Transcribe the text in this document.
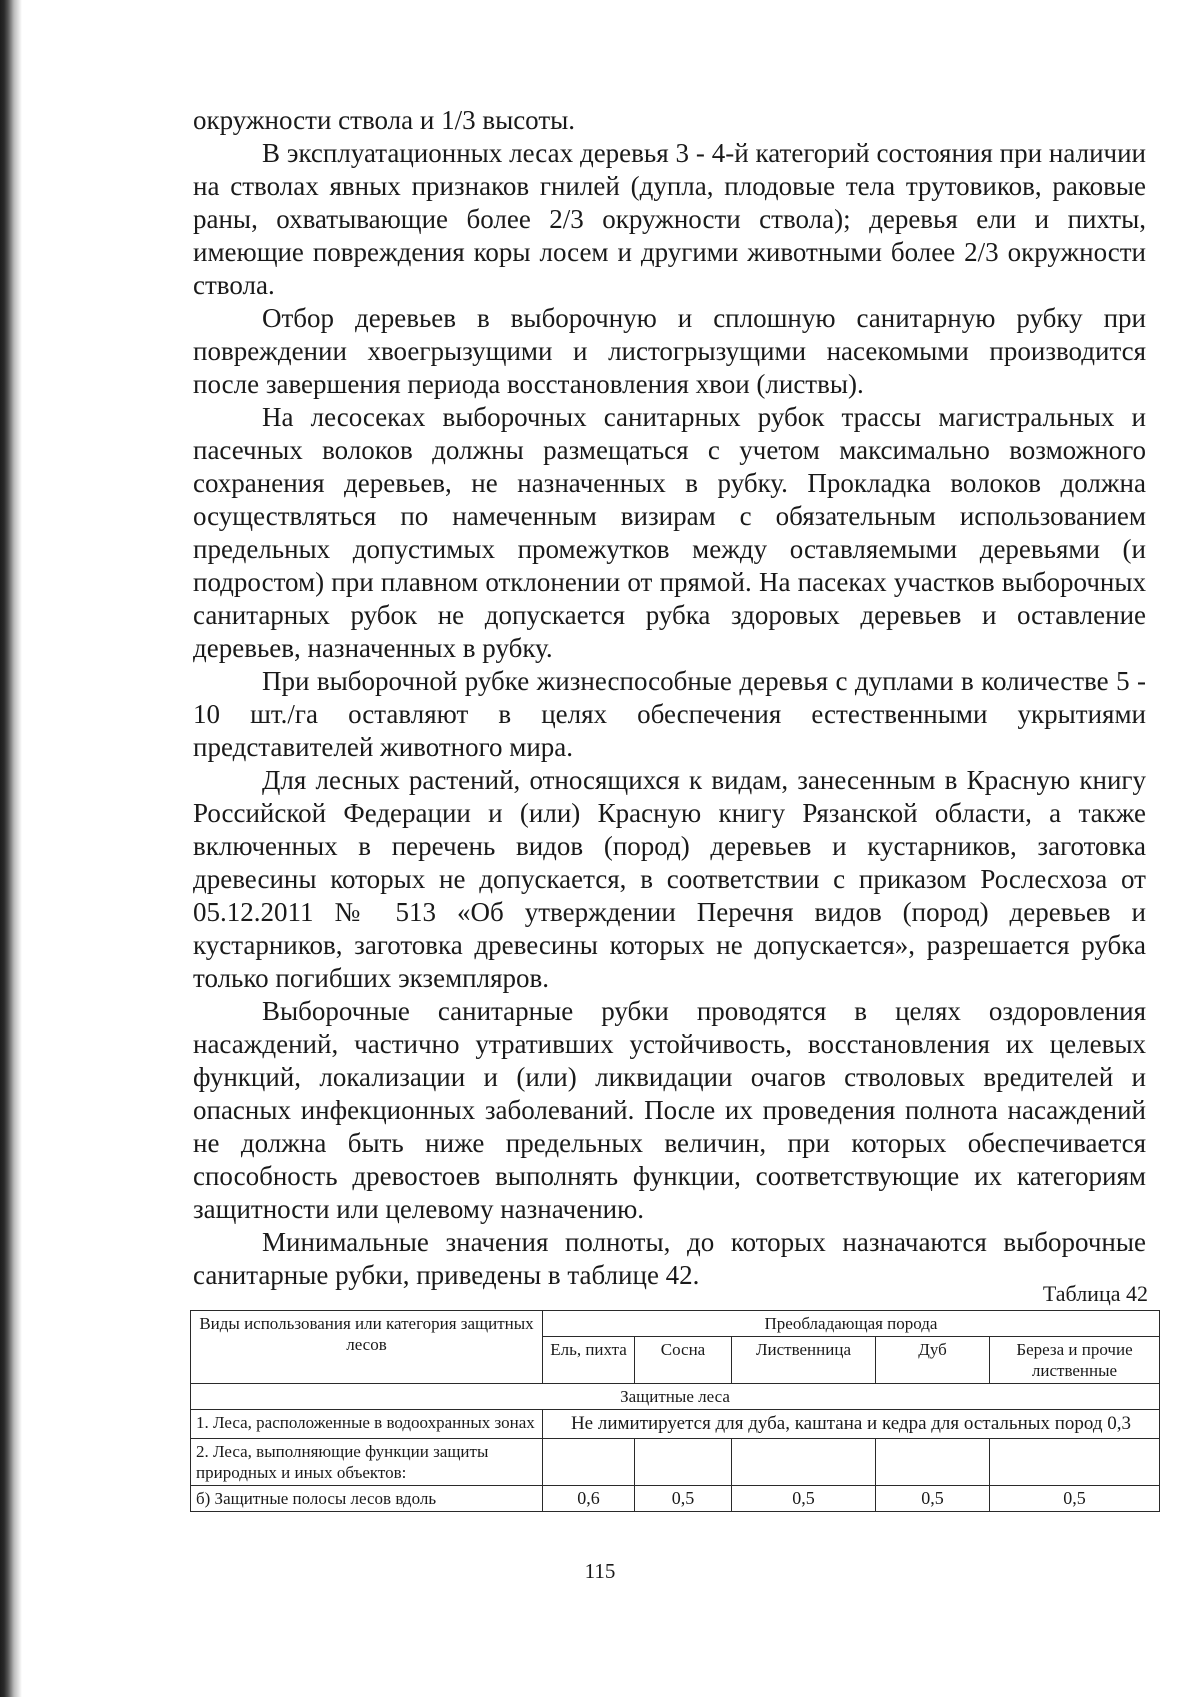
окружности ствола и 1/3 высоты.

В эксплуатационных лесах деревья 3 - 4-й категорий состояния при наличии на стволах явных признаков гнилей (дупла, плодовые тела трутовиков, раковые раны, охватывающие более 2/3 окружности ствола); деревья ели и пихты, имеющие повреждения коры лосем и другими животными более 2/3 окружности ствола.

Отбор деревьев в выборочную и сплошную санитарную рубку при повреждении хвоегрызущими и листогрызущими насекомыми производится после завершения периода восстановления хвои (листвы).

На лесосеках выборочных санитарных рубок трассы магистральных и пасечных волоков должны размещаться с учетом максимально возможного сохранения деревьев, не назначенных в рубку. Прокладка волоков должна осуществляться по намеченным визирам с обязательным использованием предельных допустимых промежутков между оставляемыми деревьями (и подростом) при плавном отклонении от прямой. На пасеках участков выборочных санитарных рубок не допускается рубка здоровых деревьев и оставление деревьев, назначенных в рубку.

При выборочной рубке жизнеспособные деревья с дуплами в количестве 5 - 10 шт./га оставляют в целях обеспечения естественными укрытиями представителей животного мира.

Для лесных растений, относящихся к видам, занесенным в Красную книгу Российской Федерации и (или) Красную книгу Рязанской области, а также включенных в перечень видов (пород) деревьев и кустарников, заготовка древесины которых не допускается, в соответствии с приказом Рослесхоза от 05.12.2011 № 513 «Об утверждении Перечня видов (пород) деревьев и кустарников, заготовка древесины которых не допускается», разрешается рубка только погибших экземпляров.

Выборочные санитарные рубки проводятся в целях оздоровления насаждений, частично утративших устойчивость, восстановления их целевых функций, локализации и (или) ликвидации очагов стволовых вредителей и опасных инфекционных заболеваний. После их проведения полнота насаждений не должна быть ниже предельных величин, при которых обеспечивается способность древостоев выполнять функции, соответствующие их категориям защитности или целевому назначению.

Минимальные значения полноты, до которых назначаются выборочные санитарные рубки, приведены в таблице 42.

Таблица 42
Виды использования или категория защитных лесов	Преобладающая порода				
	Ель, пихта	Сосна	Лиственница	Дуб	Береза и прочие лиственные
Защитные леса					
1. Леса, расположенные в водоохранных зонах	Не лимитируется для дуба, каштана и кедра для остальных пород 0,3				
2. Леса, выполняющие функции защиты природных и иных объектов:					
б) Защитные полосы лесов вдоль	0,6	0,5	0,5	0,5	0,5
115
